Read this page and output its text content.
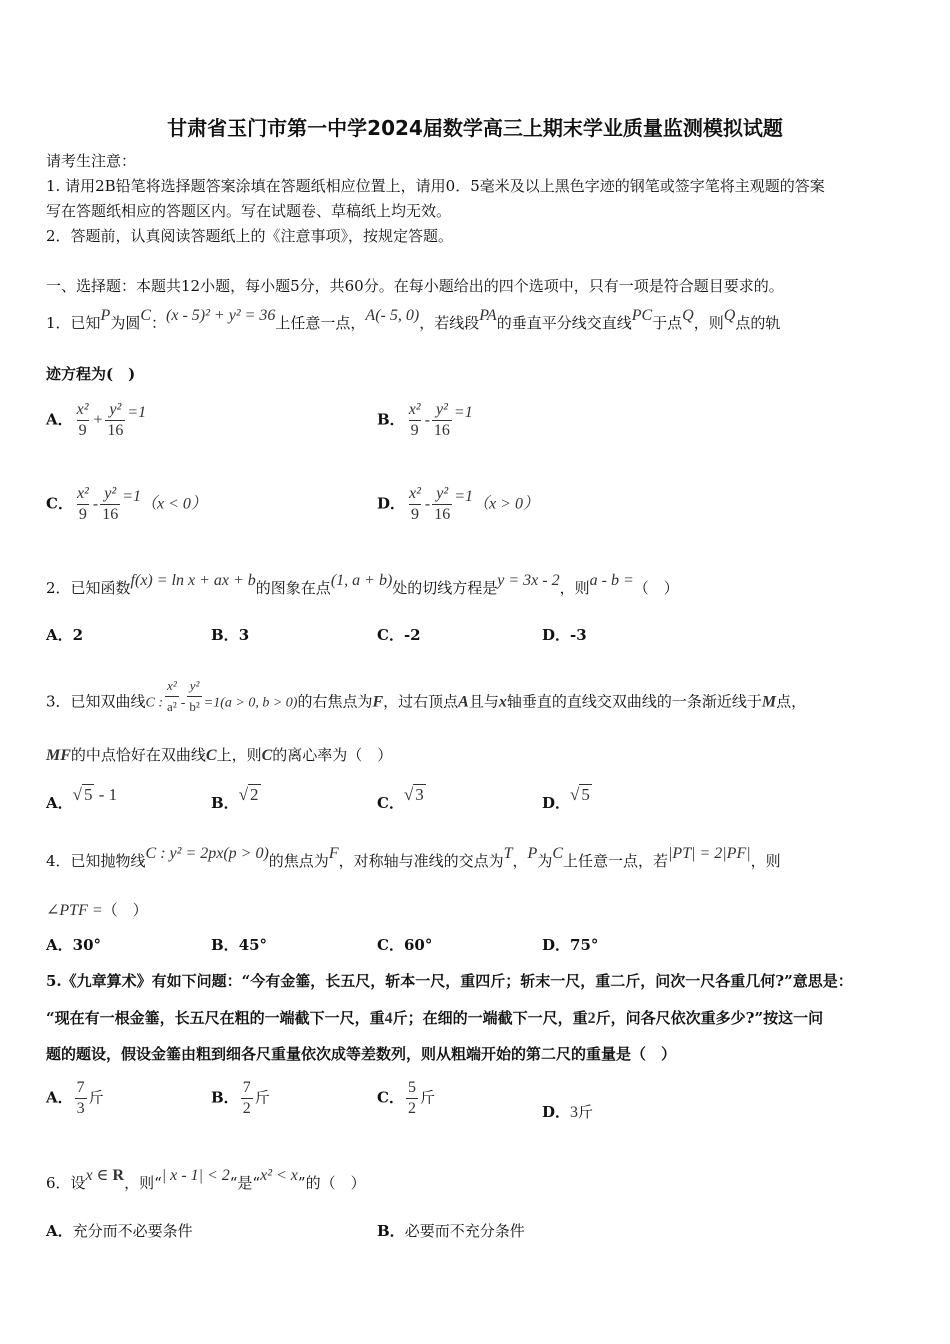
甘肃省玉门市第一中学2024届数学高三上期末学业质量监测模拟试题
请考生注意：
1. 请用2B铅笔将选择题答案涂填在答题纸相应位置上，请用0．5毫米及以上黑色字迹的钢笔或签字笔将主观题的答案
写在答题纸相应的答题区内。写在试题卷、草稿纸上均无效。
2．答题前，认真阅读答题纸上的《注意事项》，按规定答题。
一、选择题：本题共12小题，每小题5分，共60分。在每小题给出的四个选项中，只有一项是符合题目要求的。
1．已知P为圆C：(x - 5)² + y² = 36上任意一点，A(- 5, 0)，若线段PA的垂直平分线交直线PC于点Q，则Q点的轨
迹方程为(　)
A． $\frac{\text{x²}}{9} + \frac{\text{y²}}{16} =1$	B． $\frac{\text{x²}}{9} - \frac{\text{y²}}{16} =1$
C． $\frac{\text{x²}}{9} - \frac{\text{y²}}{16} =1(x < 0)$	D． $\frac{\text{x²}}{9} - \frac{\text{y²}}{16} =1(x > 0)$
2．已知函数f(x) = ln x + ax + b的图象在点(1, a + b)处的切线方程是y = 3x - 2，则a - b =（　）
A．2	B．3	C．-2	D．-3
3．已知双曲线C : $\frac{\text{x²}}{\text{a²}} - \frac{\text{y²}}{\text{b²}} =1(a > 0$, b > 0)的右焦点为F，过右顶点A且与x轴垂直的直线交双曲线的一条渐近线于M点，
MF的中点恰好在双曲线C上，则C的离心率为（　）
A．√ 5 - 1	B．√ 2	C．√ 3	D．√ 5
4．已知抛物线C : y² = 2px(p > 0)的焦点为F，对称轴与准线的交点为T，P为C上任意一点，若|PT| = 2|PF|，则
∠PTF =（　）
A．30°	B．45°	C．60°	D．75°
5.《九章算术》有如下问题：“今有金箠，长五尺，斩本一尺，重四斤；斩末一尺，重二斤，问次一尺各重几何?”意思是：
“现在有一根金箠，长五尺在粗的一端截下一尺，重4斤；在细的一端截下一尺，重2斤，问各尺依次重多少?”按这一问
题的题设，假设金箠由粗到细各尺重量依次成等差数列，则从粗端开始的第二尺的重量是（　）
A． $\frac{7}{3}$ 斤	B． $\frac{7}{2}$ 斤	C． $\frac{5}{2}$ 斤
D．3斤
6．设x ∈ R，则“| x - 1| < 2“是“x² < x”的（　）
A．充分而不必要条件	B．必要而不充分条件
